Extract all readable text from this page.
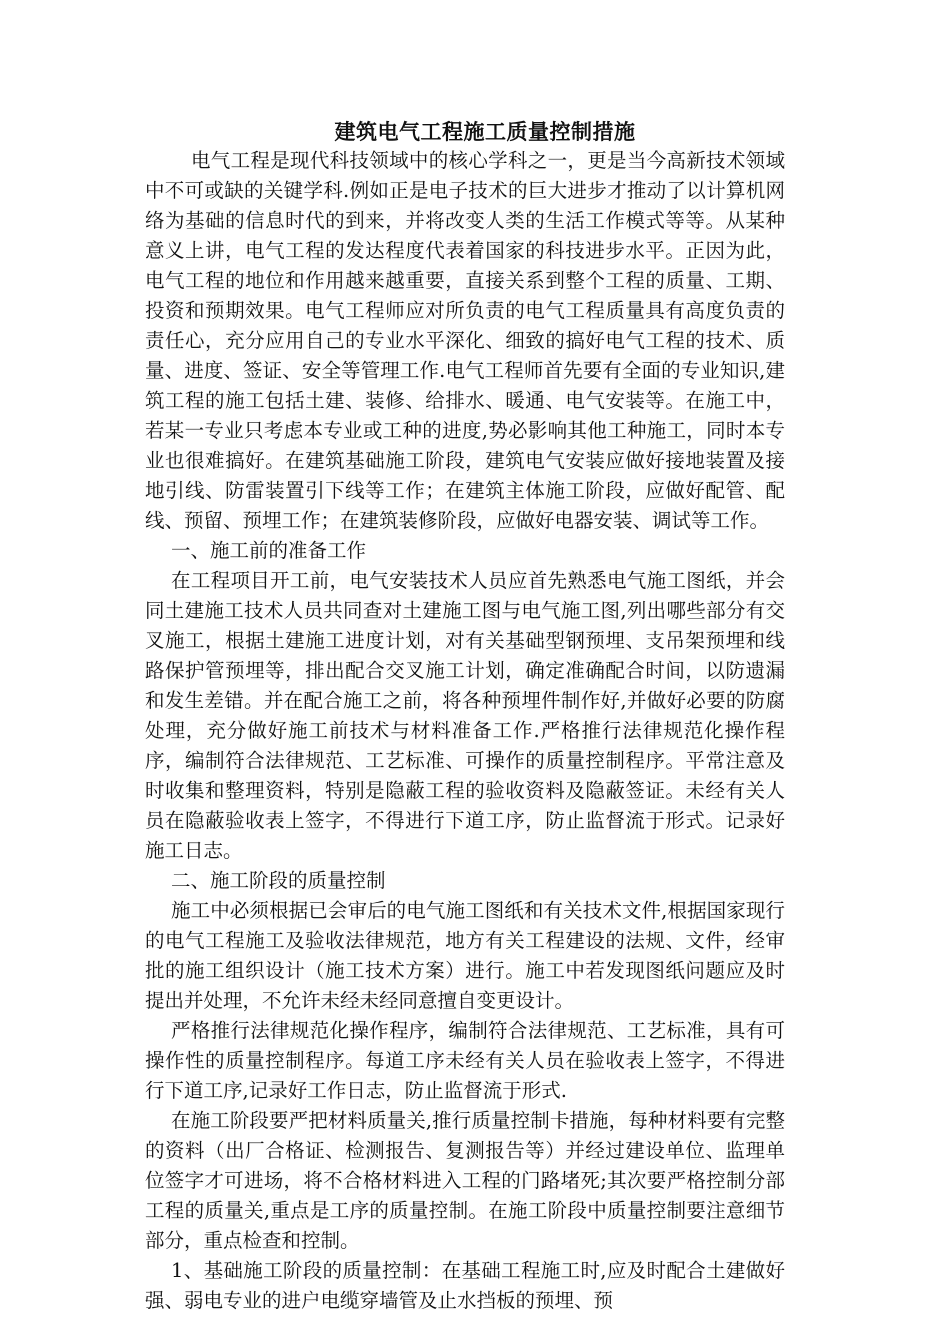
建筑电气工程施工质量控制措施

电气工程是现代科技领域中的核心学科之一，更是当今高新技术领域中不可或缺的关键学科.例如正是电子技术的巨大进步才推动了以计算机网络为基础的信息时代的到来，并将改变人类的生活工作模式等等。从某种意义上讲，电气工程的发达程度代表着国家的科技进步水平。正因为此，电气工程的地位和作用越来越重要，直接关系到整个工程的质量、工期、投资和预期效果。电气工程师应对所负责的电气工程质量具有高度负责的责任心，充分应用自己的专业水平深化、细致的搞好电气工程的技术、质量、进度、签证、安全等管理工作.电气工程师首先要有全面的专业知识,建筑工程的施工包括土建、装修、给排水、暖通、电气安装等。在施工中，若某一专业只考虑本专业或工种的进度,势必影响其他工种施工，同时本专业也很难搞好。在建筑基础施工阶段，建筑电气安装应做好接地装置及接地引线、防雷装置引下线等工作；在建筑主体施工阶段，应做好配管、配线、预留、预埋工作；在建筑装修阶段，应做好电器安装、调试等工作。

一、施工前的准备工作

在工程项目开工前，电气安装技术人员应首先熟悉电气施工图纸，并会同土建施工技术人员共同查对土建施工图与电气施工图,列出哪些部分有交叉施工，根据土建施工进度计划，对有关基础型钢预埋、支吊架预埋和线路保护管预埋等，排出配合交叉施工计划，确定准确配合时间，以防遗漏和发生差错。并在配合施工之前，将各种预埋件制作好,并做好必要的防腐处理，充分做好施工前技术与材料准备工作.严格推行法律规范化操作程序，编制符合法律规范、工艺标准、可操作的质量控制程序。平常注意及时收集和整理资料，特别是隐蔽工程的验收资料及隐蔽签证。未经有关人员在隐蔽验收表上签字，不得进行下道工序，防止监督流于形式。记录好施工日志。

二、施工阶段的质量控制

施工中必须根据已会审后的电气施工图纸和有关技术文件,根据国家现行的电气工程施工及验收法律规范，地方有关工程建设的法规、文件，经审批的施工组织设计（施工技术方案）进行。施工中若发现图纸问题应及时提出并处理，不允许未经未经同意擅自变更设计。

严格推行法律规范化操作程序，编制符合法律规范、工艺标准，具有可操作性的质量控制程序。每道工序未经有关人员在验收表上签字，不得进行下道工序,记录好工作日志，防止监督流于形式.

在施工阶段要严把材料质量关,推行质量控制卡措施，每种材料要有完整的资料（出厂合格证、检测报告、复测报告等）并经过建设单位、监理单位签字才可进场，将不合格材料进入工程的门路堵死;其次要严格控制分部工程的质量关,重点是工序的质量控制。在施工阶段中质量控制要注意细节部分，重点检查和控制。

1、基础施工阶段的质量控制：在基础工程施工时,应及时配合土建做好强、弱电专业的进户电缆穿墙管及止水挡板的预埋、预
